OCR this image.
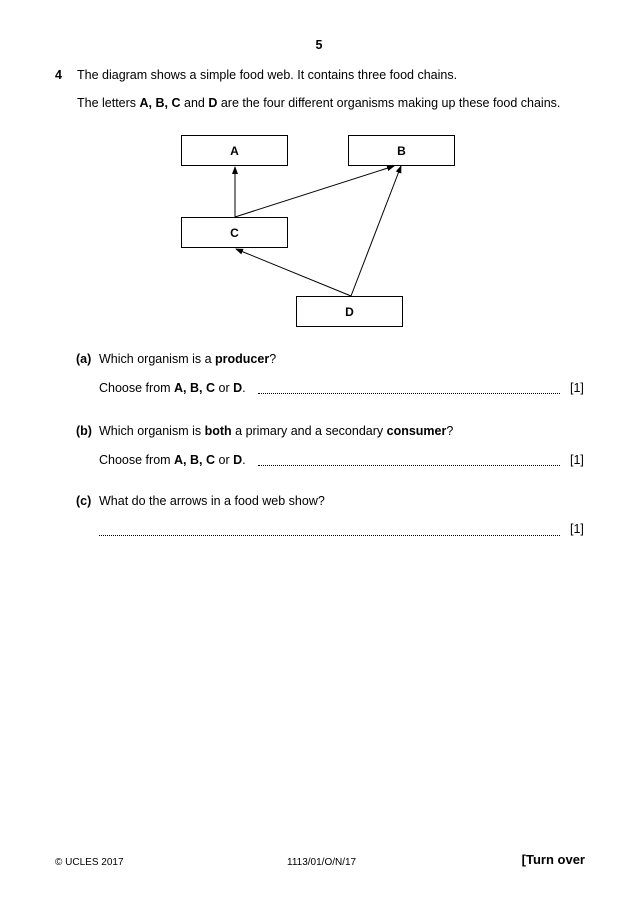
5
4 The diagram shows a simple food web. It contains three food chains.
The letters A, B, C and D are the four different organisms making up these food chains.
A	B
C
D
(a) Which organism is a producer?
Choose from A, B, C or D.	[1]
(b) Which organism is both a primary and a secondary consumer?
Choose from A, B, C or D.	[1]
(c) What do the arrows in a food web show?
[1]
© UCLES 2017	1113/01/O/N/17	[Turn over
